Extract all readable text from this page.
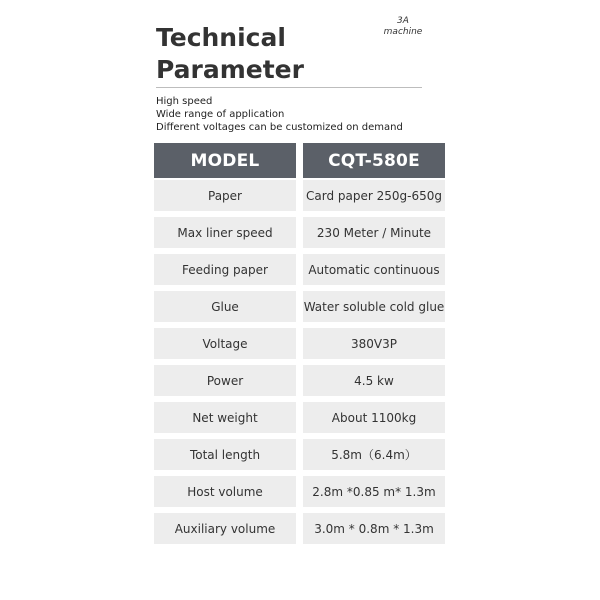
Technical
Parameter
3A
machine
High speed
Wide range of application
Different voltages can be customized on demand
MODEL	CQT-580E
Paper	Card paper 250g-650g
Max liner speed	230 Meter / Minute
Feeding paper	Automatic continuous
Glue	Water soluble cold glue
Voltage	380V3P
Power	4.5 kw
Net weight	About 1100kg
Total length	5.8m（6.4m）
Host volume	2.8m *0.85 m* 1.3m
Auxiliary volume	3.0m * 0.8m * 1.3m
